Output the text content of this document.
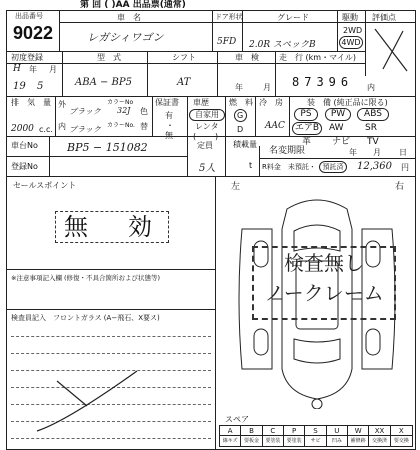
第 回 ( )AA 出品票(通常)
出品番号
9022
車　名
レガシィワゴン
ドア形状
5FD
グレード
2.0R スペックB
駆動
2WD
4WD
評価点
初度登録	型　式	シフト	車　検	走　行 (km・マイル)
H 年 月
19 5	ABA − BP5	AT	年	月 87396 内
排　気　量
2000 c.c.
外
ブラック
カラーNo
32J
内 ブラック カラーNo.
色
替
保証書
有
・
無
車歴
自家用
レンタ
( )
燃　料
G
D
冷　房
AAC
装　備 (純正品に限る)
PS	PW	ABS
エアB	AW SR
革 ナビ TV
車台No	BP5 − 151082
登録No
定員
5人
積載量
t
名変期限	年 月 日
R料金　未預託・ 預託済	12,360 円
セールスポイント
無　効
※注意事項記入欄 (修復・不具合箇所および状態等)
検査員記入　フロントガラス (A−飛石、X要ス)
左	右
検査無し
ノークレーム
スペア
A	B	C	P	S	U	W	XX	X
線キズ	要板金	要塗装	要塗装	サビ	凹み	補修跡	交換済	要交換
